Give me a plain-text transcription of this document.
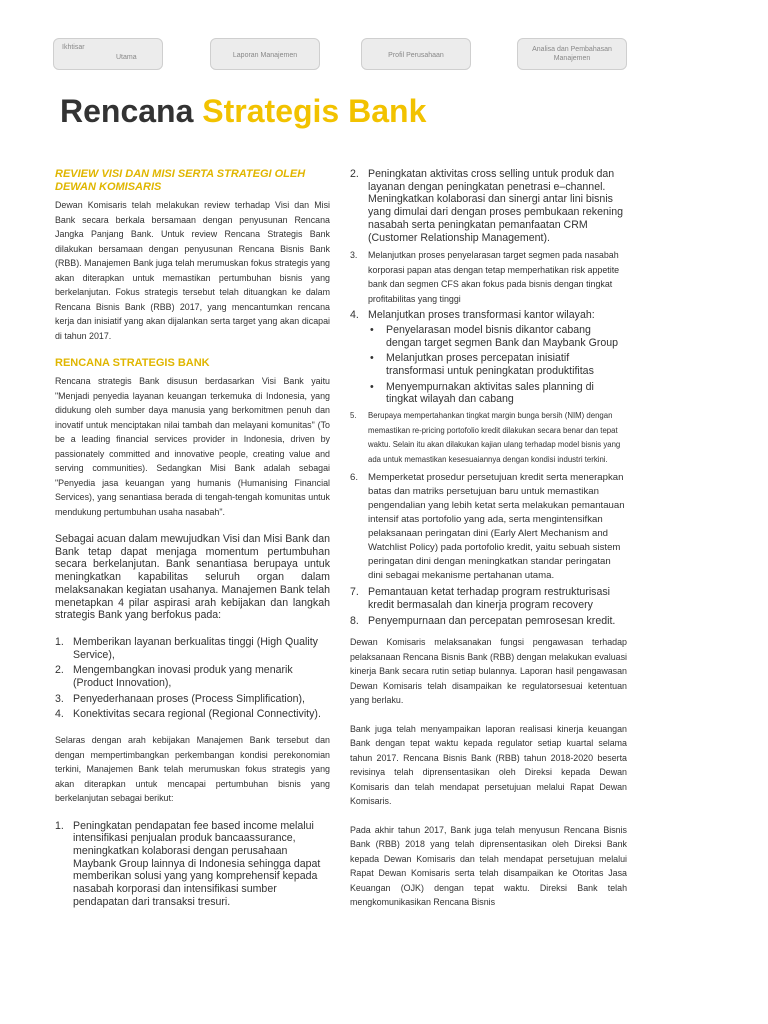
Ikhtisar
Utama	Laporan Manajemen	Profil Perusahaan
Analisa dan Pembahasan
Manajemen
Rencana Strategis Bank
REVIEW VISI DAN MISI SERTA STRATEGI OLEH DEWAN KOMISARIS

Dewan Komisaris telah melakukan review terhadap Visi dan Misi Bank secara berkala bersamaan dengan penyusunan Rencana Jangka Panjang Bank. Untuk review Rencana Strategis Bank dilakukan bersamaan dengan penyusunan Rencana Bisnis Bank (RBB). Manajemen Bank juga telah merumuskan fokus strategis yang akan diterapkan untuk memastikan pertumbuhan bisnis yang berkelanjutan. Fokus strategis tersebut telah dituangkan ke dalam Rencana Bisnis Bank (RBB) 2017, yang mencantumkan rencana kerja dan inisiatif yang akan dijalankan serta target yang akan dicapai di tahun 2017.

RENCANA STRATEGIS BANK

Rencana strategis Bank disusun berdasarkan Visi Bank yaitu "Menjadi penyedia layanan keuangan terkemuka di Indonesia, yang didukung oleh sumber daya manusia yang berkomitmen penuh dan inovatif untuk menciptakan nilai tambah dan melayani komunitas" (To be a leading financial services provider in Indonesia, driven by passionately committed and innovative people, creating value and serving communities). Sedangkan Misi Bank adalah sebagai "Penyedia jasa keuangan yang humanis (Humanising Financial Services), yang senantiasa berada di tengah-tengah komunitas untuk mendukung pertumbuhan usaha nasabah".

Sebagai acuan dalam mewujudkan Visi dan Misi Bank dan Bank tetap dapat menjaga momentum pertumbuhan secara berkelanjutan. Bank senantiasa berupaya untuk meningkatkan kapabilitas seluruh organ dalam melaksanakan kegiatan usahanya. Manajemen Bank telah menetapkan 4 pilar aspirasi arah kebijakan dan langkah strategis Bank yang berfokus pada:

1. Memberikan layanan berkualitas tinggi (High Quality Service),
2. Mengembangkan inovasi produk yang menarik (Product Innovation),
3. Penyederhanaan proses (Process Simplification),
4. Konektivitas secara regional (Regional Connectivity).

Selaras dengan arah kebijakan Manajemen Bank tersebut dan dengan mempertimbangkan perkembangan kondisi perekonomian terkini, Manajemen Bank telah merumuskan fokus strategis yang akan diterapkan untuk mencapai pertumbuhan bisnis yang berkelanjutan sebagai berikut:

1. Peningkatan pendapatan fee based income melalui intensifikasi penjualan produk bancaassurance, meningkatkan kolaborasi dengan perusahaan Maybank Group lainnya di Indonesia sehingga dapat memberikan solusi yang yang komprehensif kepada nasabah korporasi dan intensifikasi sumber pendapatan dari transaksi tresuri.
2. Peningkatan aktivitas cross selling untuk produk dan layanan dengan peningkatan penetrasi e–channel. Meningkatkan kolaborasi dan sinergi antar lini bisnis yang dimulai dari dengan proses pembukaan rekening nasabah serta peningkatan pemanfaatan CRM (Customer Relationship Management).
3. Melanjutkan proses penyelarasan target segmen pada nasabah korporasi papan atas dengan tetap memperhatikan risk appetite bank dan segmen CFS akan fokus pada bisnis dengan tingkat profitabilitas yang tinggi
4. Melanjutkan proses transformasi kantor wilayah:
• Penyelarasan model bisnis dikantor cabang dengan target segmen Bank dan Maybank Group
• Melanjutkan proses percepatan inisiatif transformasi untuk peningkatan produktifitas
• Menyempurnakan aktivitas sales planning di tingkat wilayah dan cabang
5. Berupaya mempertahankan tingkat margin bunga bersih (NIM) dengan memastikan re-pricing portofolio kredit dilakukan secara benar dan tepat waktu. Selain itu akan dilakukan kajian ulang terhadap model bisnis yang ada untuk memastikan kesesuaiannya dengan kondisi industri terkini.
6. Memperketat prosedur persetujuan kredit serta menerapkan batas dan matriks persetujuan baru untuk memastikan pengendalian yang lebih ketat serta melakukan pemantauan intensif atas portofolio yang ada, serta mengintensifkan pelaksanaan peringatan dini (Early Alert Mechanism and Watchlist Policy) pada portofolio kredit, yaitu sebuah sistem peringatan dini dengan meningkatkan standar peringatan dini sebagai mekanisme pertahanan utama.
7. Pemantauan ketat terhadap program restrukturisasi kredit bermasalah dan kinerja program recovery
8. Penyempurnaan dan percepatan pemrosesan kredit.

Dewan Komisaris melaksanakan fungsi pengawasan terhadap pelaksanaan Rencana Bisnis Bank (RBB) dengan melakukan evaluasi kinerja Bank secara rutin setiap bulannya. Laporan hasil pengawasan Dewan Komisaris telah disampaikan ke regulatorsesuai ketentuan yang berlaku.

Bank juga telah menyampaikan laporan realisasi kinerja keuangan Bank dengan tepat waktu kepada regulator setiap kuartal selama tahun 2017. Rencana Bisnis Bank (RBB) tahun 2018-2020 beserta revisinya telah diprensentasikan oleh Direksi kepada Dewan Komisaris dan telah mendapat persetujuan melalui Rapat Dewan Komisaris.

Pada akhir tahun 2017, Bank juga telah menyusun Rencana Bisnis Bank (RBB) 2018 yang telah diprensentasikan oleh Direksi Bank kepada Dewan Komisaris dan telah mendapat persetujuan melalui Rapat Dewan Komisaris serta telah disampaikan ke Otoritas Jasa Keuangan (OJK) dengan tepat waktu. Direksi Bank telah mengkomunikasikan Rencana Bisnis
